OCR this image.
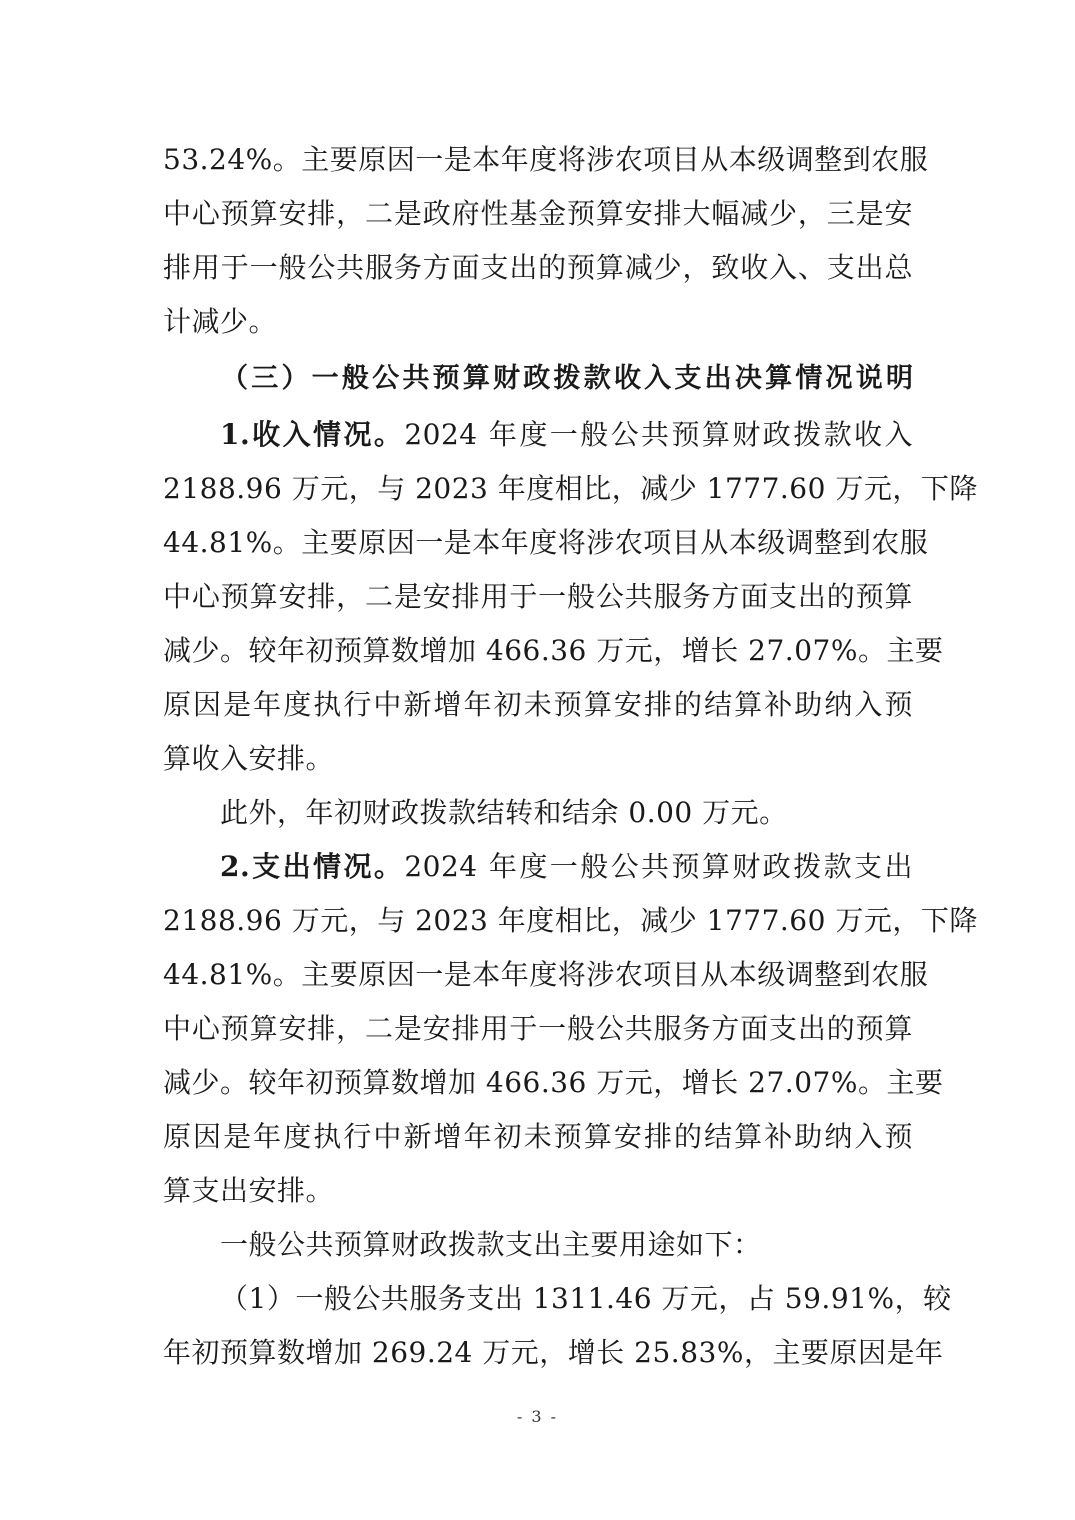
53.24%。主要原因一是本年度将涉农项目从本级调整到农服
中心预算安排，二是政府性基金预算安排大幅减少，三是安
排用于一般公共服务方面支出的预算减少，致收入、支出总
计减少。
（三）一般公共预算财政拨款收入支出决算情况说明
1.收入情况。2024 年度一般公共预算财政拨款收入
2188.96 万元，与 2023 年度相比，减少 1777.60 万元，下降
44.81%。主要原因一是本年度将涉农项目从本级调整到农服
中心预算安排，二是安排用于一般公共服务方面支出的预算
减少。较年初预算数增加 466.36 万元，增长 27.07%。主要
原因是年度执行中新增年初未预算安排的结算补助纳入预
算收入安排。
此外，年初财政拨款结转和结余 0.00 万元。
2.支出情况。2024 年度一般公共预算财政拨款支出
2188.96 万元，与 2023 年度相比，减少 1777.60 万元，下降
44.81%。主要原因一是本年度将涉农项目从本级调整到农服
中心预算安排，二是安排用于一般公共服务方面支出的预算
减少。较年初预算数增加 466.36 万元，增长 27.07%。主要
原因是年度执行中新增年初未预算安排的结算补助纳入预
算支出安排。
一般公共预算财政拨款支出主要用途如下：
（1）一般公共服务支出 1311.46 万元，占 59.91%，较
年初预算数增加 269.24 万元，增长 25.83%，主要原因是年
- 3 -
